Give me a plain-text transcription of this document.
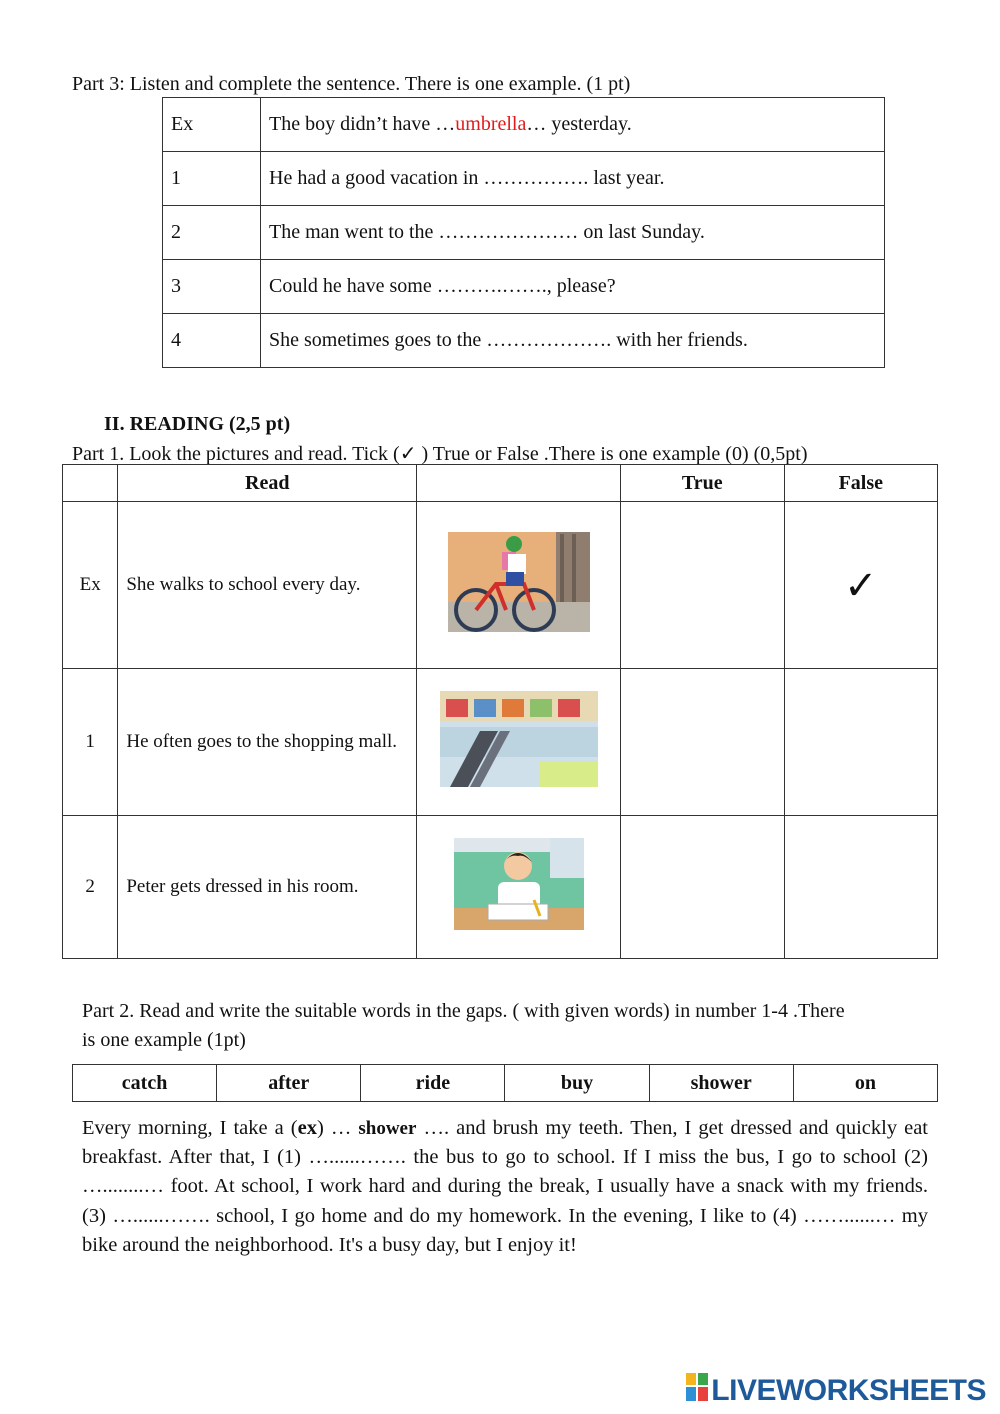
Part 3: Listen and complete the sentence. There is one example. (1 pt)
Ex	The boy didn’t have …umbrella… yesterday.
1	He had a good vacation in ……………. last year.
2	The man went to the ………………… on last Sunday.
3	Could he have some ……….……., please?
4	She sometimes goes to the ………………. with her friends.
II. READING (2,5 pt)
Part 1. Look the pictures and read. Tick (✓ ) True or False .There is one example (0) (0,5pt)
	Read		True	False
Ex	She walks to school every day.			✓
1	He often goes to the shopping mall.			
2	Peter gets dressed in his room.			
Part 2. Read and write the suitable words in the gaps. ( with given words) in number 1-4 .There
is one example (1pt)
catch	after	ride	buy	shower	on
Every morning, I take a (ex) … shower …. and brush my teeth. Then, I get dressed and quickly eat breakfast. After that, I (1) …......……. the bus to go to school. If I miss the bus, I go to school (2) …........… foot. At school, I work hard and during the break, I usually have a snack with my friends. (3) …......……. school, I go home and do my homework. In the evening, I like to (4) ……......… my bike around the neighborhood. It's a busy day, but I enjoy it!
LIVEWORKSHEETS
